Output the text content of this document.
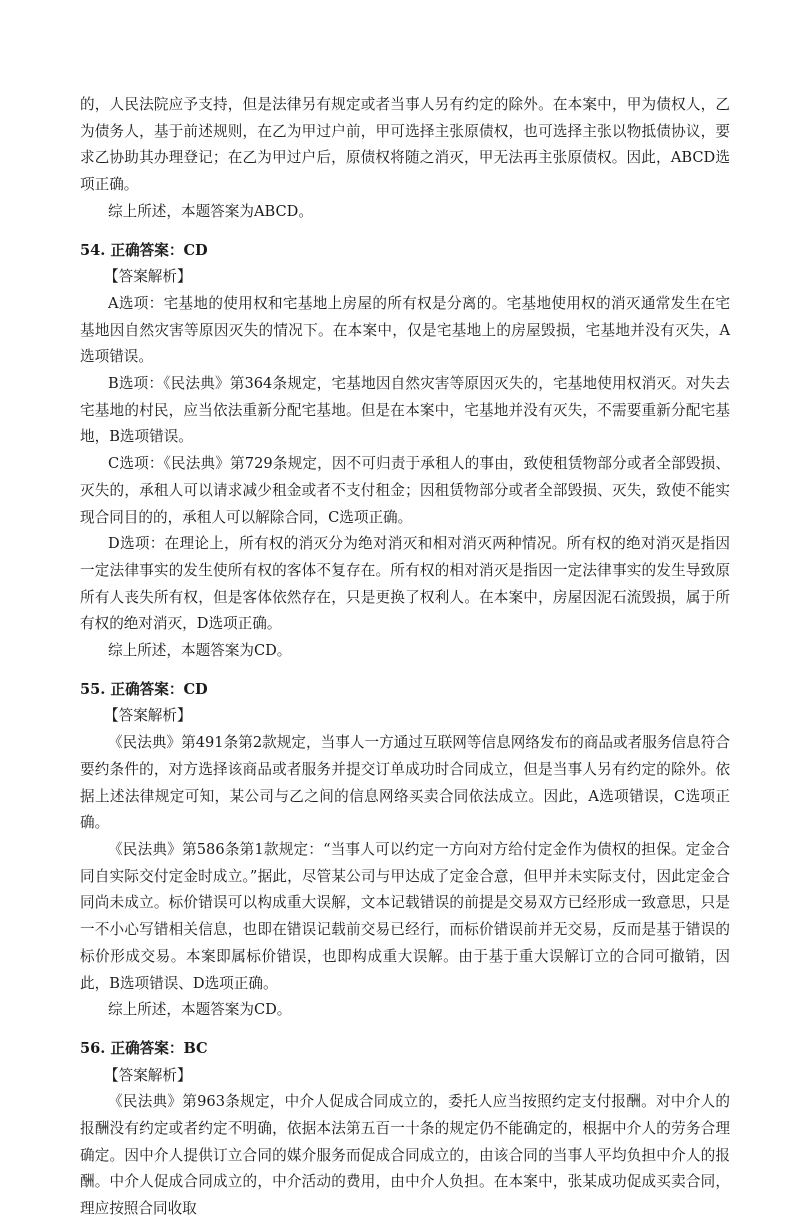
的，人民法院应予支持，但是法律另有规定或者当事人另有约定的除外。在本案中，甲为债权人，乙为债务人，基于前述规则，在乙为甲过户前，甲可选择主张原债权，也可选择主张以物抵债协议，要求乙协助其办理登记；在乙为甲过户后，原债权将随之消灭，甲无法再主张原债权。因此，ABCD选项正确。

综上所述，本题答案为ABCD。

54. 正确答案：CD

【答案解析】

A选项：宅基地的使用权和宅基地上房屋的所有权是分离的。宅基地使用权的消灭通常发生在宅基地因自然灾害等原因灭失的情况下。在本案中，仅是宅基地上的房屋毁损，宅基地并没有灭失，A选项错误。

B选项：《民法典》第364条规定，宅基地因自然灾害等原因灭失的，宅基地使用权消灭。对失去宅基地的村民，应当依法重新分配宅基地。但是在本案中，宅基地并没有灭失，不需要重新分配宅基地，B选项错误。

C选项：《民法典》第729条规定，因不可归责于承租人的事由，致使租赁物部分或者全部毁损、灭失的，承租人可以请求减少租金或者不支付租金；因租赁物部分或者全部毁损、灭失，致使不能实现合同目的的，承租人可以解除合同，C选项正确。

D选项：在理论上，所有权的消灭分为绝对消灭和相对消灭两种情况。所有权的绝对消灭是指因一定法律事实的发生使所有权的客体不复存在。所有权的相对消灭是指因一定法律事实的发生导致原所有人丧失所有权，但是客体依然存在，只是更换了权利人。在本案中，房屋因泥石流毁损，属于所有权的绝对消灭，D选项正确。

综上所述，本题答案为CD。

55. 正确答案：CD

【答案解析】

《民法典》第491条第2款规定，当事人一方通过互联网等信息网络发布的商品或者服务信息符合要约条件的，对方选择该商品或者服务并提交订单成功时合同成立，但是当事人另有约定的除外。依据上述法律规定可知，某公司与乙之间的信息网络买卖合同依法成立。因此，A选项错误，C选项正确。

《民法典》第586条第1款规定：“当事人可以约定一方向对方给付定金作为债权的担保。定金合同自实际交付定金时成立。”据此，尽管某公司与甲达成了定金合意，但甲并未实际支付，因此定金合同尚未成立。标价错误可以构成重大误解，文本记载错误的前提是交易双方已经形成一致意思，只是一不小心写错相关信息，也即在错误记载前交易已经行，而标价错误前并无交易，反而是基于错误的标价形成交易。本案即属标价错误，也即构成重大误解。由于基于重大误解订立的合同可撤销，因此，B选项错误、D选项正确。

综上所述，本题答案为CD。

56. 正确答案：BC

【答案解析】

《民法典》第963条规定，中介人促成合同成立的，委托人应当按照约定支付报酬。对中介人的报酬没有约定或者约定不明确，依据本法第五百一十条的规定仍不能确定的，根据中介人的劳务合理确定。因中介人提供订立合同的媒介服务而促成合同成立的，由该合同的当事人平均负担中介人的报酬。中介人促成合同成立的，中介活动的费用，由中介人负担。在本案中，张某成功促成买卖合同，理应按照合同收取
